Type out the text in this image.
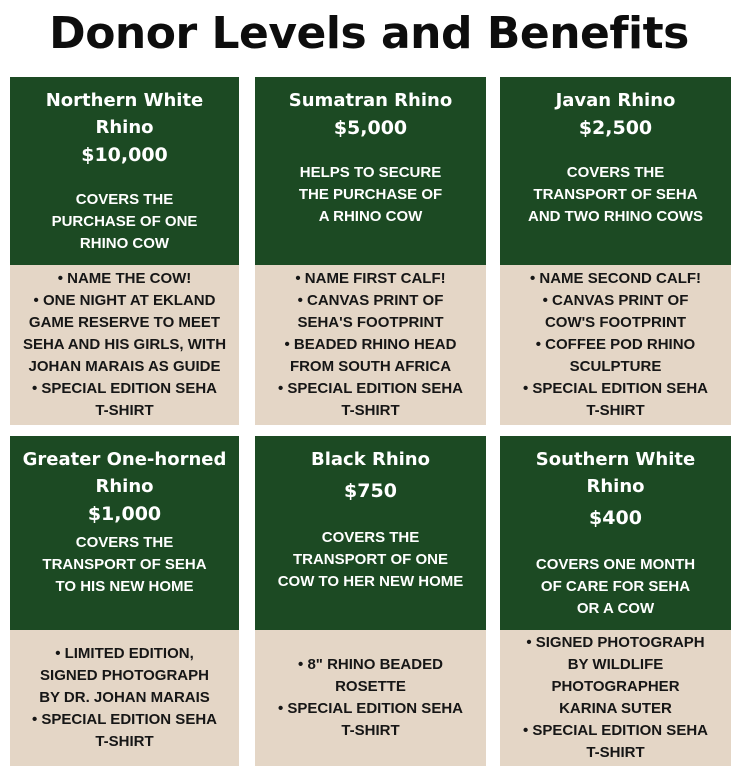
Donor Levels and Benefits
Northern White Rhino
$10,000
COVERS THE
PURCHASE OF ONE
RHINO COW
• NAME THE COW!
• ONE NIGHT AT EKLAND
GAME RESERVE TO MEET
SEHA AND HIS GIRLS, WITH
JOHAN MARAIS AS GUIDE
• SPECIAL EDITION SEHA
T-SHIRT
Sumatran Rhino
$5,000
HELPS TO SECURE
THE PURCHASE OF
A RHINO COW
• NAME FIRST CALF!
• CANVAS PRINT OF
SEHA'S FOOTPRINT
• BEADED RHINO HEAD
FROM SOUTH AFRICA
• SPECIAL EDITION SEHA
T-SHIRT
Javan Rhino
$2,500
COVERS THE
TRANSPORT OF SEHA
AND TWO RHINO COWS
• NAME SECOND CALF!
• CANVAS PRINT OF
COW'S FOOTPRINT
• COFFEE POD RHINO
SCULPTURE
• SPECIAL EDITION SEHA
T-SHIRT
Greater One-horned Rhino
$1,000
COVERS THE
TRANSPORT OF SEHA
TO HIS NEW HOME
• LIMITED EDITION,
SIGNED PHOTOGRAPH
BY DR. JOHAN MARAIS
• SPECIAL EDITION SEHA
T-SHIRT
Black Rhino
$750
COVERS THE
TRANSPORT OF ONE
COW TO HER NEW HOME
• 8" RHINO BEADED
ROSETTE
• SPECIAL EDITION SEHA
T-SHIRT
Southern White Rhino
$400
COVERS ONE MONTH
OF CARE FOR SEHA
OR A COW
• SIGNED PHOTOGRAPH
BY WILDLIFE
PHOTOGRAPHER
KARINA SUTER
• SPECIAL EDITION SEHA
T-SHIRT
